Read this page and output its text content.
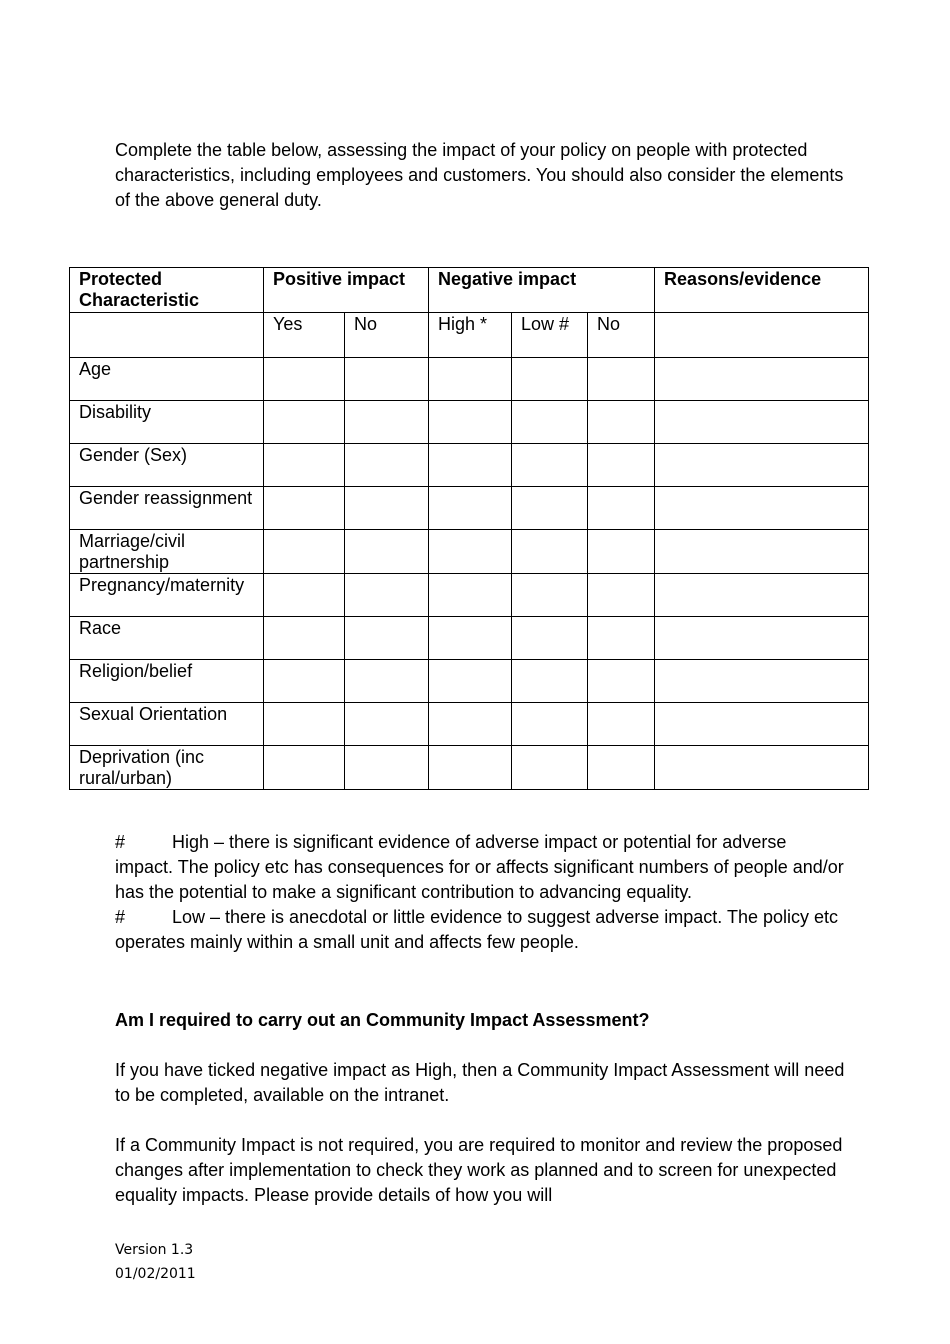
Complete the table below, assessing the impact of your policy on people with protected characteristics, including employees and customers. You should also consider the elements of the above general duty.

Protected Characteristic	Positive impact		Negative impact			Reasons/evidence
	Yes	No	High *	Low #	No	
Age						
Disability						
Gender (Sex)						
Gender reassignment						
Marriage/civil partnership						
Pregnancy/maternity						
Race						
Religion/belief						
Sexual Orientation						
Deprivation (inc rural/urban)						
#	High – there is significant evidence of adverse impact or potential for adverse impact. The policy etc has consequences for or affects significant numbers of people and/or has the potential to make a significant contribution to advancing equality.
#	Low – there is anecdotal or little evidence to suggest adverse impact. The policy etc operates mainly within a small unit and affects few people.

Am I required to carry out an Community Impact Assessment?

If you have ticked negative impact as High, then a Community Impact Assessment will need to be completed, available on the intranet.

If a Community Impact is not required, you are required to monitor and review the proposed changes after implementation to check they work as planned and to screen for unexpected equality impacts. Please provide details of how you will

Version 1.3
01/02/2011
